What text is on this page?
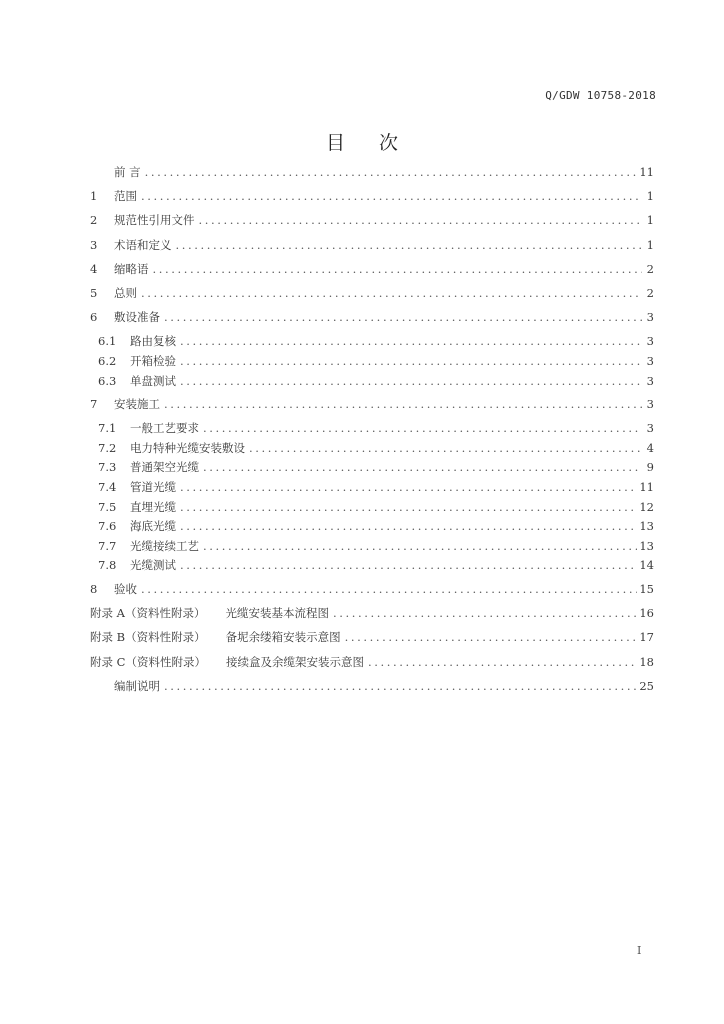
Q/GDW 10758-2018
目 次
前 言 .....	11
1	范围 .....	1
2	规范性引用文件 .....	1
3	术语和定义 .....	1
4	缩略语 .....	2
5	总则 .....	2
6	敷设准备 .....	3
6.1	路由复核 .....	3
6.2	开箱检验 .....	3
6.3	单盘测试 .....	3
7	安装施工 .....	3
7.1	一般工艺要求 .....	3
7.2	电力特种光缆安装敷设 .....	4
7.3	普通架空光缆 .....	9
7.4	管道光缆 .....	11
7.5	直埋光缆 .....	12
7.6	海底光缆 .....	13
7.7	光缆接续工艺 .....	13
7.8	光缆测试 .....	14
8	验收 .....	15
附录 A（资料性附录）	光缆安装基本流程图 .....	16
附录 B（资料性附录）	备坭余缕箱安装示意图 .....	17
附录 C（资料性附录）	接续盒及余缆架安装示意图 .....	18
编制说明 .....	25
I
